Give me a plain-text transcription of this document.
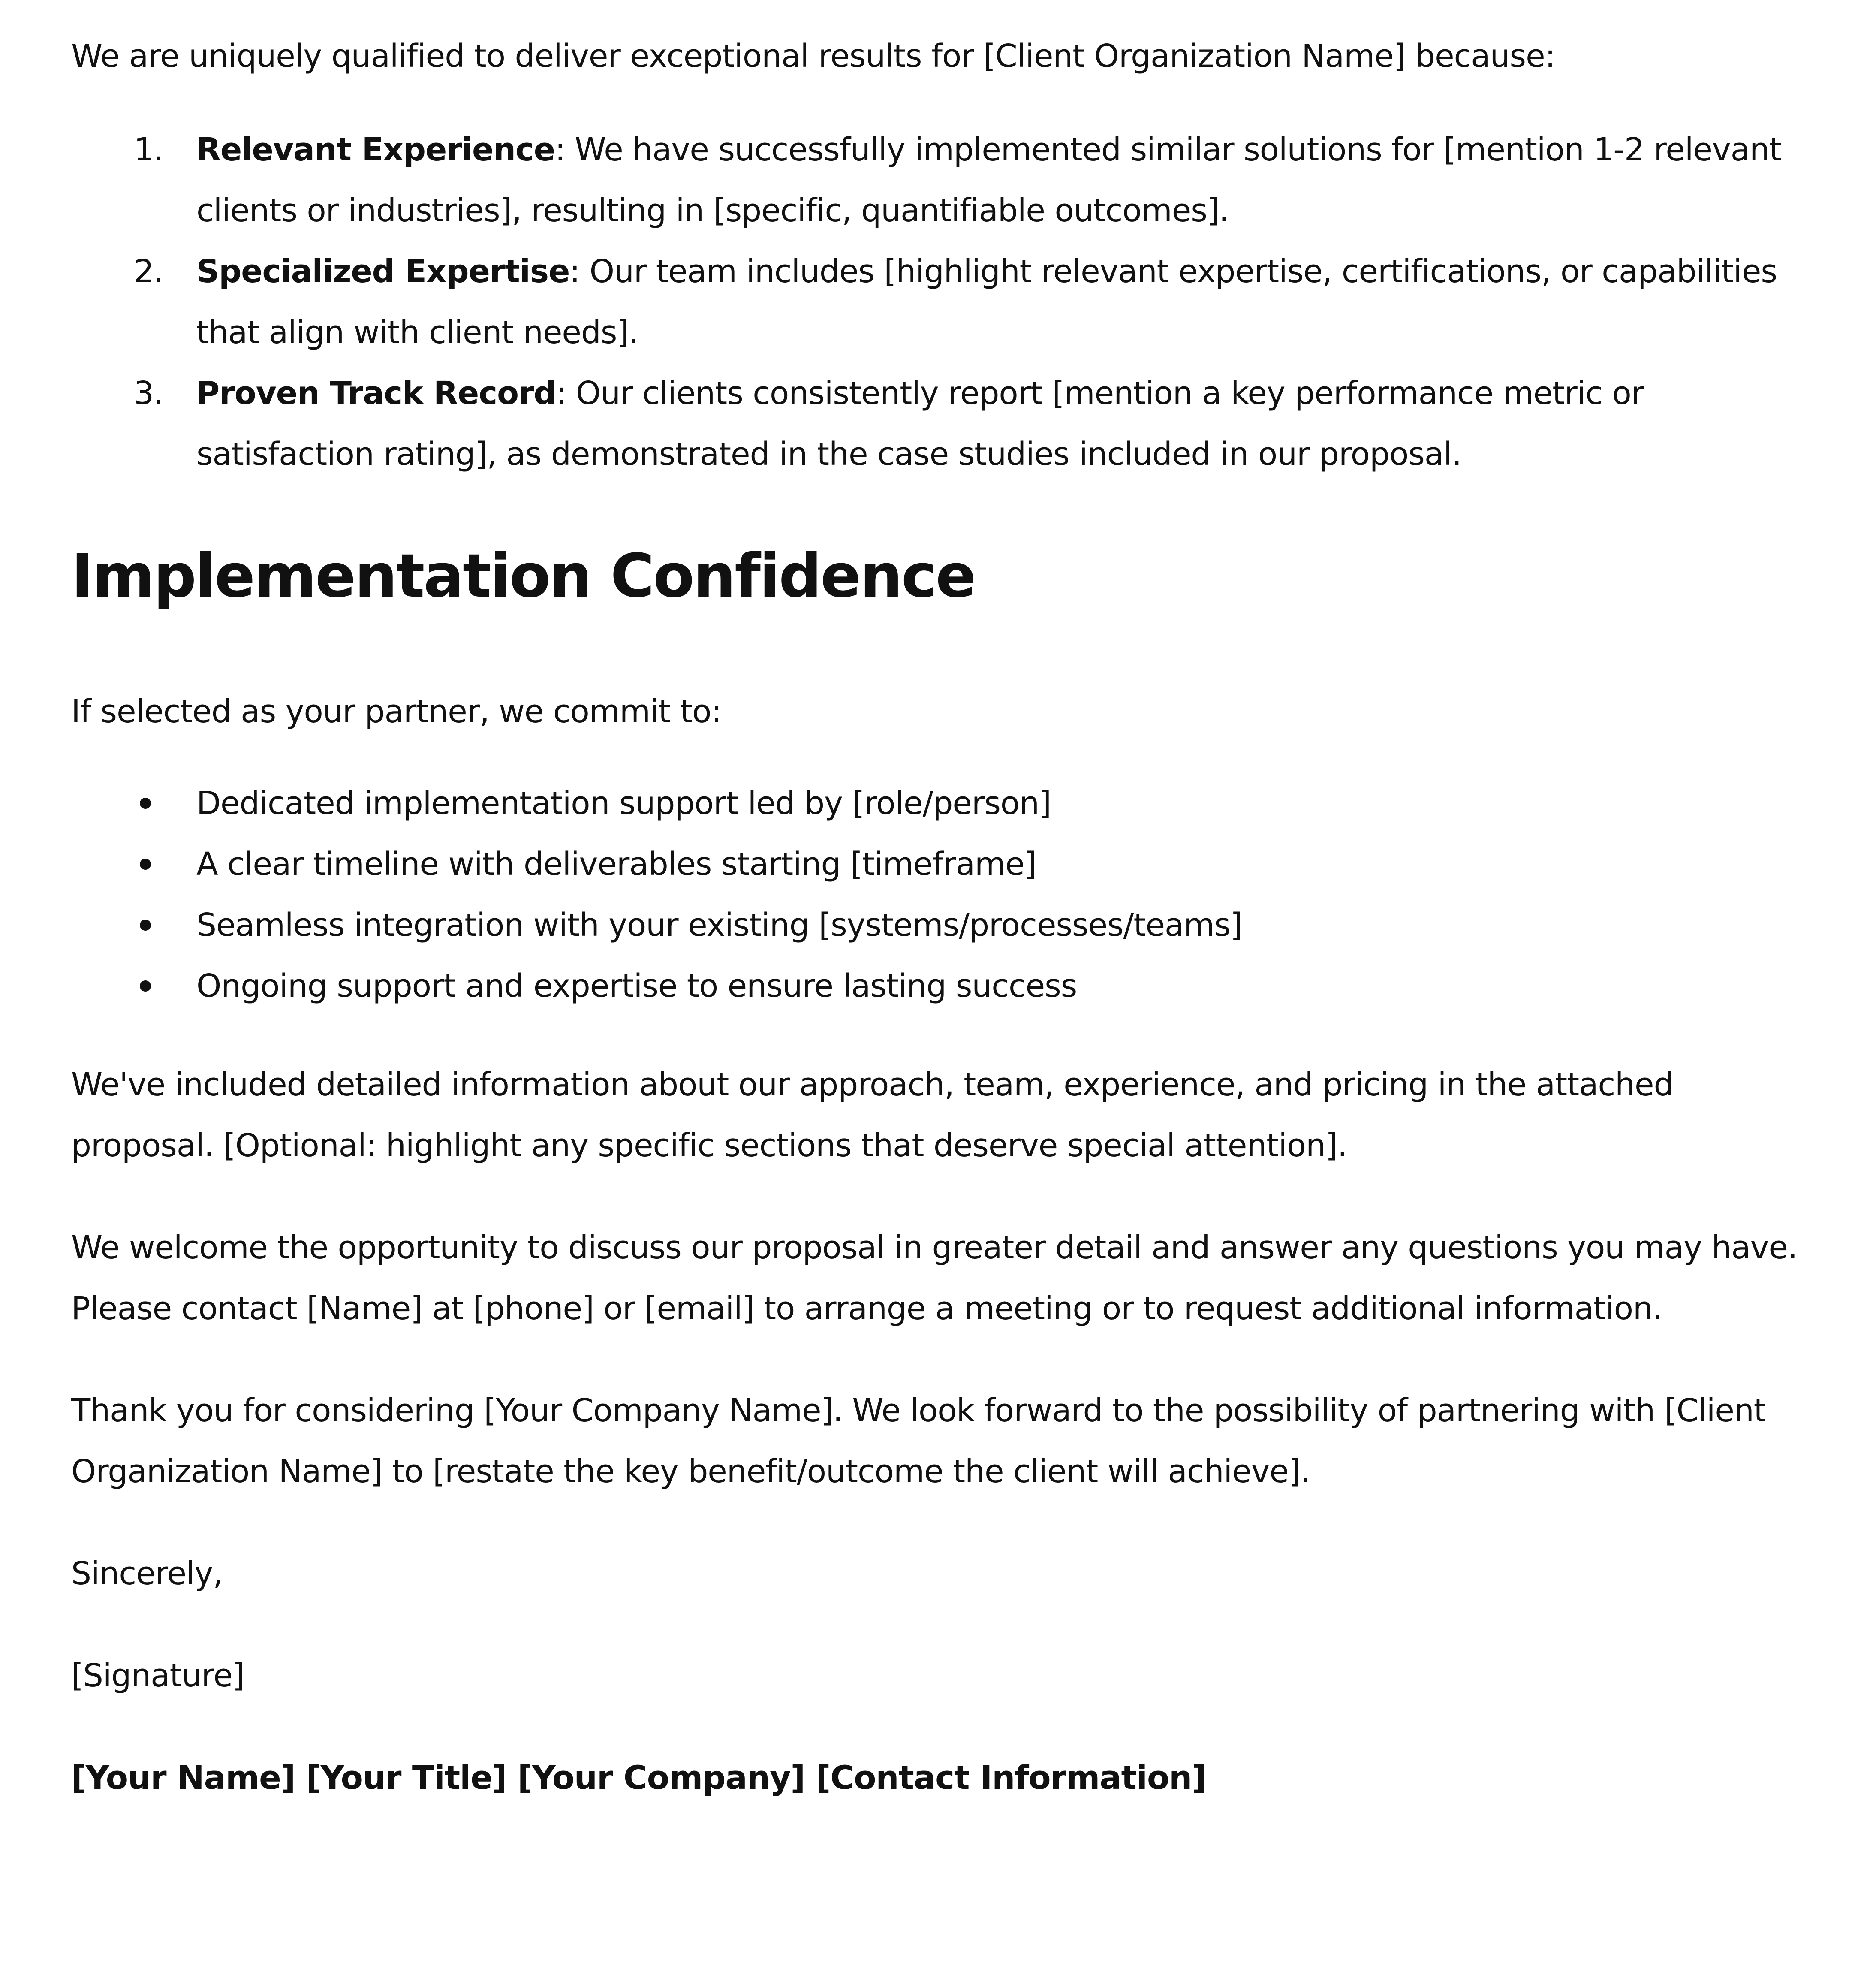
We are uniquely qualified to deliver exceptional results for [Client Organization Name] because:

1. Relevant Experience: We have successfully implemented similar solutions for [mention 1-2 relevant clients or industries], resulting in [specific, quantifiable outcomes].
2. Specialized Expertise: Our team includes [highlight relevant expertise, certifications, or capabilities that align with client needs].
3. Proven Track Record: Our clients consistently report [mention a key performance metric or satisfaction rating], as demonstrated in the case studies included in our proposal.
Implementation Confidence

If selected as your partner, we commit to:

Dedicated implementation support led by [role/person]
A clear timeline with deliverables starting [timeframe]
Seamless integration with your existing [systems/processes/teams]
Ongoing support and expertise to ensure lasting success

We've included detailed information about our approach, team, experience, and pricing in the attached proposal. [Optional: highlight any specific sections that deserve special attention].

We welcome the opportunity to discuss our proposal in greater detail and answer any questions you may have. Please contact [Name] at [phone] or [email] to arrange a meeting or to request additional information.

Thank you for considering [Your Company Name]. We look forward to the possibility of partnering with [Client Organization Name] to [restate the key benefit/outcome the client will achieve].

Sincerely,

[Signature]

[Your Name] [Your Title] [Your Company] [Contact Information]
